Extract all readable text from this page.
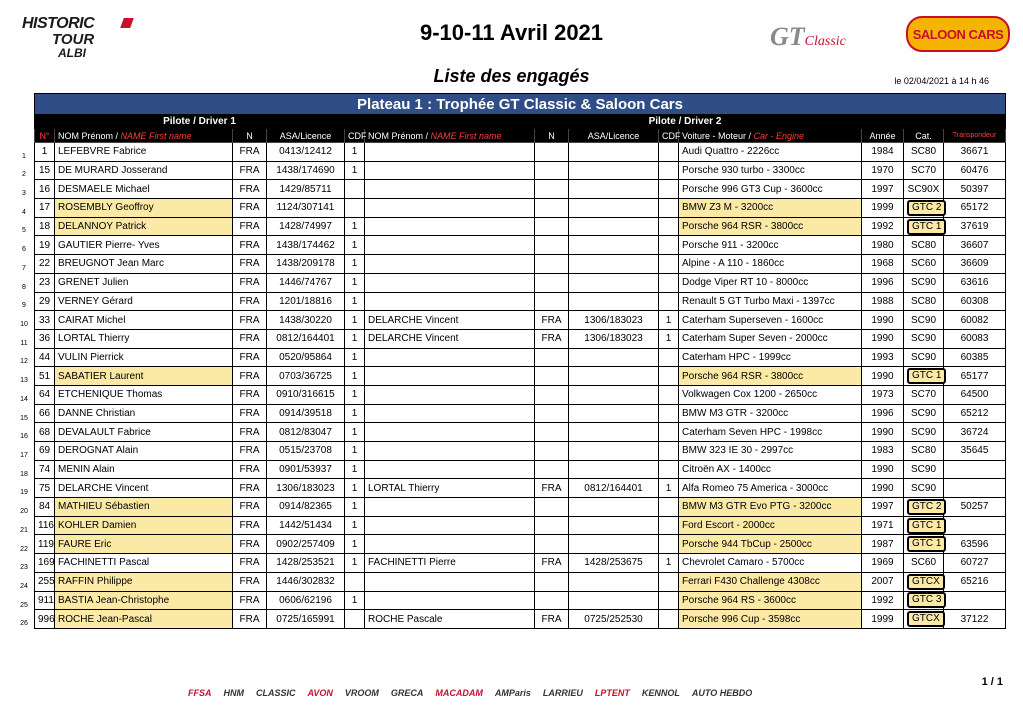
HISTORIC
TOUR
ALBI
9-10-11 Avril 2021	GTClassic	SALOON CARS
Liste des engagés	le 02/04/2021 à 14 h 46
1
2
3
4
5
6
7
8
9
10
11
12
13
14
15
16
17
18
19
20
21
22
23
24
25
26
Plateau 1 : Trophée GT Classic & Saloon Cars												
Pilote / Driver 1					Pilote / Driver 2							
N°	NOM Prénom / NAME First name	N	ASA/Licence	CDF	NOM Prénom / NAME First name	N	ASA/Licence	CDF	Voiture - Moteur / Car - Engine	Année	Cat.	Transpondeur
1	LEFEBVRE Fabrice	FRA	0413/12412	1					Audi Quattro - 2226cc	1984	SC80	36671
15	DE MURARD Josserand	FRA	1438/174690	1					Porsche 930 turbo - 3300cc	1970	SC70	60476
16	DESMAELE Michael	FRA	1429/85711						Porsche 996 GT3 Cup - 3600cc	1997	SC90X	50397
17	ROSEMBLY Geoffroy	FRA	1124/307141						BMW Z3 M - 3200cc	1999	GTC 2	65172
18	DELANNOY Patrick	FRA	1428/74997	1					Porsche 964 RSR - 3800cc	1992	GTC 1	37619
19	GAUTIER Pierre- Yves	FRA	1438/174462	1					Porsche 911 - 3200cc	1980	SC80	36607
22	BREUGNOT Jean Marc	FRA	1438/209178	1					Alpine - A 110 - 1860cc	1968	SC60	36609
23	GRENET Julien	FRA	1446/74767	1					Dodge Viper RT 10 - 8000cc	1996	SC90	63616
29	VERNEY Gérard	FRA	1201/18816	1					Renault 5 GT Turbo Maxi - 1397cc	1988	SC80	60308
33	CAIRAT Michel	FRA	1438/30220	1	DELARCHE Vincent	FRA	1306/183023	1	Caterham Superseven - 1600cc	1990	SC90	60082
36	LORTAL Thierry	FRA	0812/164401	1	DELARCHE Vincent	FRA	1306/183023	1	Caterham Super Seven - 2000cc	1990	SC90	60083
44	VULIN Pierrick	FRA	0520/95864	1					Caterham HPC - 1999cc	1993	SC90	60385
51	SABATIER Laurent	FRA	0703/36725	1					Porsche 964 RSR - 3800cc	1990	GTC 1	65177
64	ETCHENIQUE Thomas	FRA	0910/316615	1					Volkwagen Cox 1200 - 2650cc	1973	SC70	64500
66	DANNE Christian	FRA	0914/39518	1					BMW M3 GTR - 3200cc	1996	SC90	65212
68	DEVALAULT Fabrice	FRA	0812/83047	1					Caterham Seven HPC - 1998cc	1990	SC90	36724
69	DEROGNAT Alain	FRA	0515/23708	1					BMW 323 IE 30 - 2997cc	1983	SC80	35645
74	MENIN Alain	FRA	0901/53937	1					Citroën AX - 1400cc	1990	SC90	
75	DELARCHE Vincent	FRA	1306/183023	1	LORTAL Thierry	FRA	0812/164401	1	Alfa Romeo 75 America - 3000cc	1990	SC90	
84	MATHIEU Sébastien	FRA	0914/82365	1					BMW M3 GTR Evo PTG - 3200cc	1997	GTC 2	50257
116	KOHLER Damien	FRA	1442/51434	1					Ford Escort - 2000cc	1971	GTC 1	
119	FAURE Eric	FRA	0902/257409	1					Porsche 944 TbCup - 2500cc	1987	GTC 1	63596
169	FACHINETTI Pascal	FRA	1428/253521	1	FACHINETTI Pierre	FRA	1428/253675	1	Chevrolet Camaro - 5700cc	1969	SC60	60727
255	RAFFIN Philippe	FRA	1446/302832						Ferrari F430 Challenge 4308cc	2007	GTCX	65216
911	BASTIA Jean-Christophe	FRA	0606/62196	1					Porsche 964 RS - 3600cc	1992	GTC 3	
996	ROCHE Jean-Pascal	FRA	0725/165991		ROCHE Pascale	FRA	0725/252530		Porsche 996 Cup - 3598cc	1999	GTCX	37122
FFSA HNM CLASSIC AVON VROOM GRECA MACADAM AMParis LARRIEU LPTENT KENNOL AUTO HEBDO
1 / 1
